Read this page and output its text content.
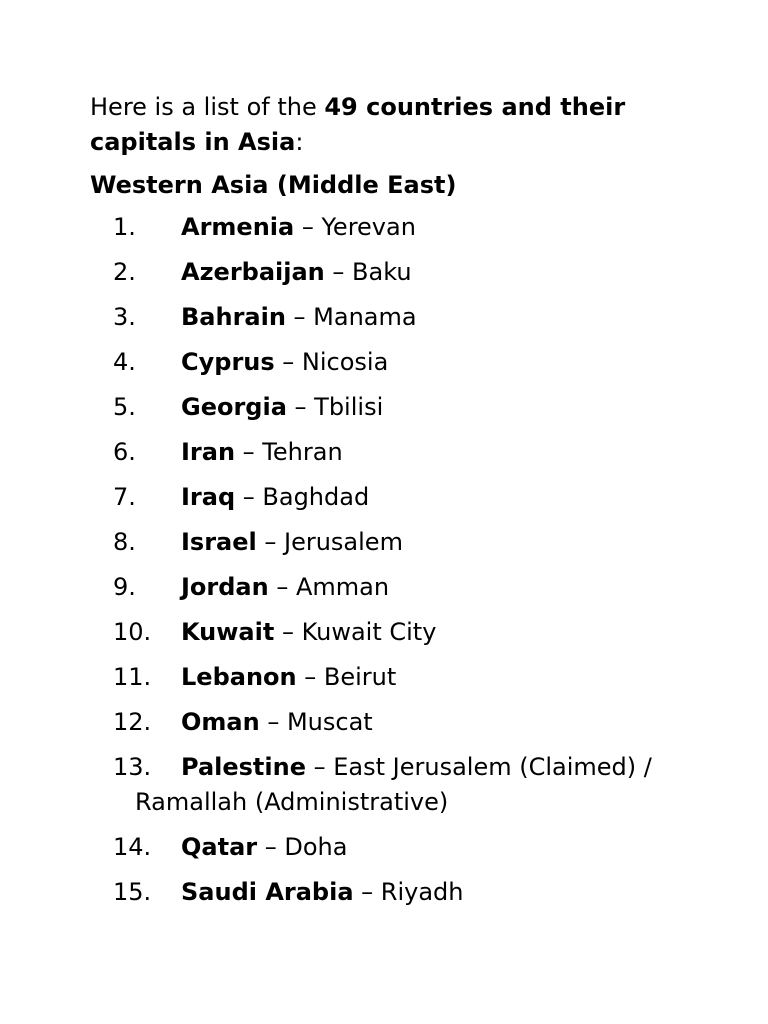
Here is a list of the 49 countries and their capitals in Asia:

Western Asia (Middle East)
1. Armenia – Yerevan
2. Azerbaijan – Baku
3. Bahrain – Manama
4. Cyprus – Nicosia
5. Georgia – Tbilisi
6. Iran – Tehran
7. Iraq – Baghdad
8. Israel – Jerusalem
9. Jordan – Amman
10. Kuwait – Kuwait City
11. Lebanon – Beirut
12. Oman – Muscat
13. Palestine – East Jerusalem (Claimed) /
Ramallah (Administrative)
14. Qatar – Doha
15. Saudi Arabia – Riyadh
